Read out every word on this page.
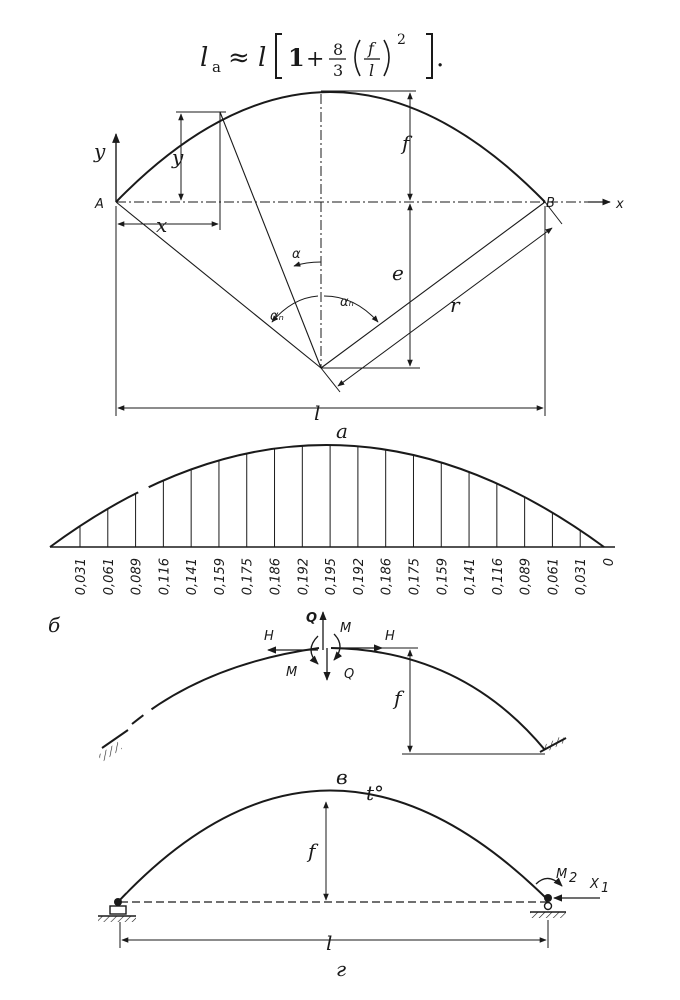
l a ≈ l 1 + 8
3
f
l
2
.
y	y
A	B	x
x
f
e
r
α
αₙ
αₙ
l
а
0,031 0,061 0,089 0,116 0,141 0,159 0,175 0,186 0,192 0,195 0,192 0,186 0,175 0,159 0,141 0,116 0,089 0,061 0,031 0
б	H
Q
M
H
M	Q
f
в
t°
f
M 2 X 1
l
г
